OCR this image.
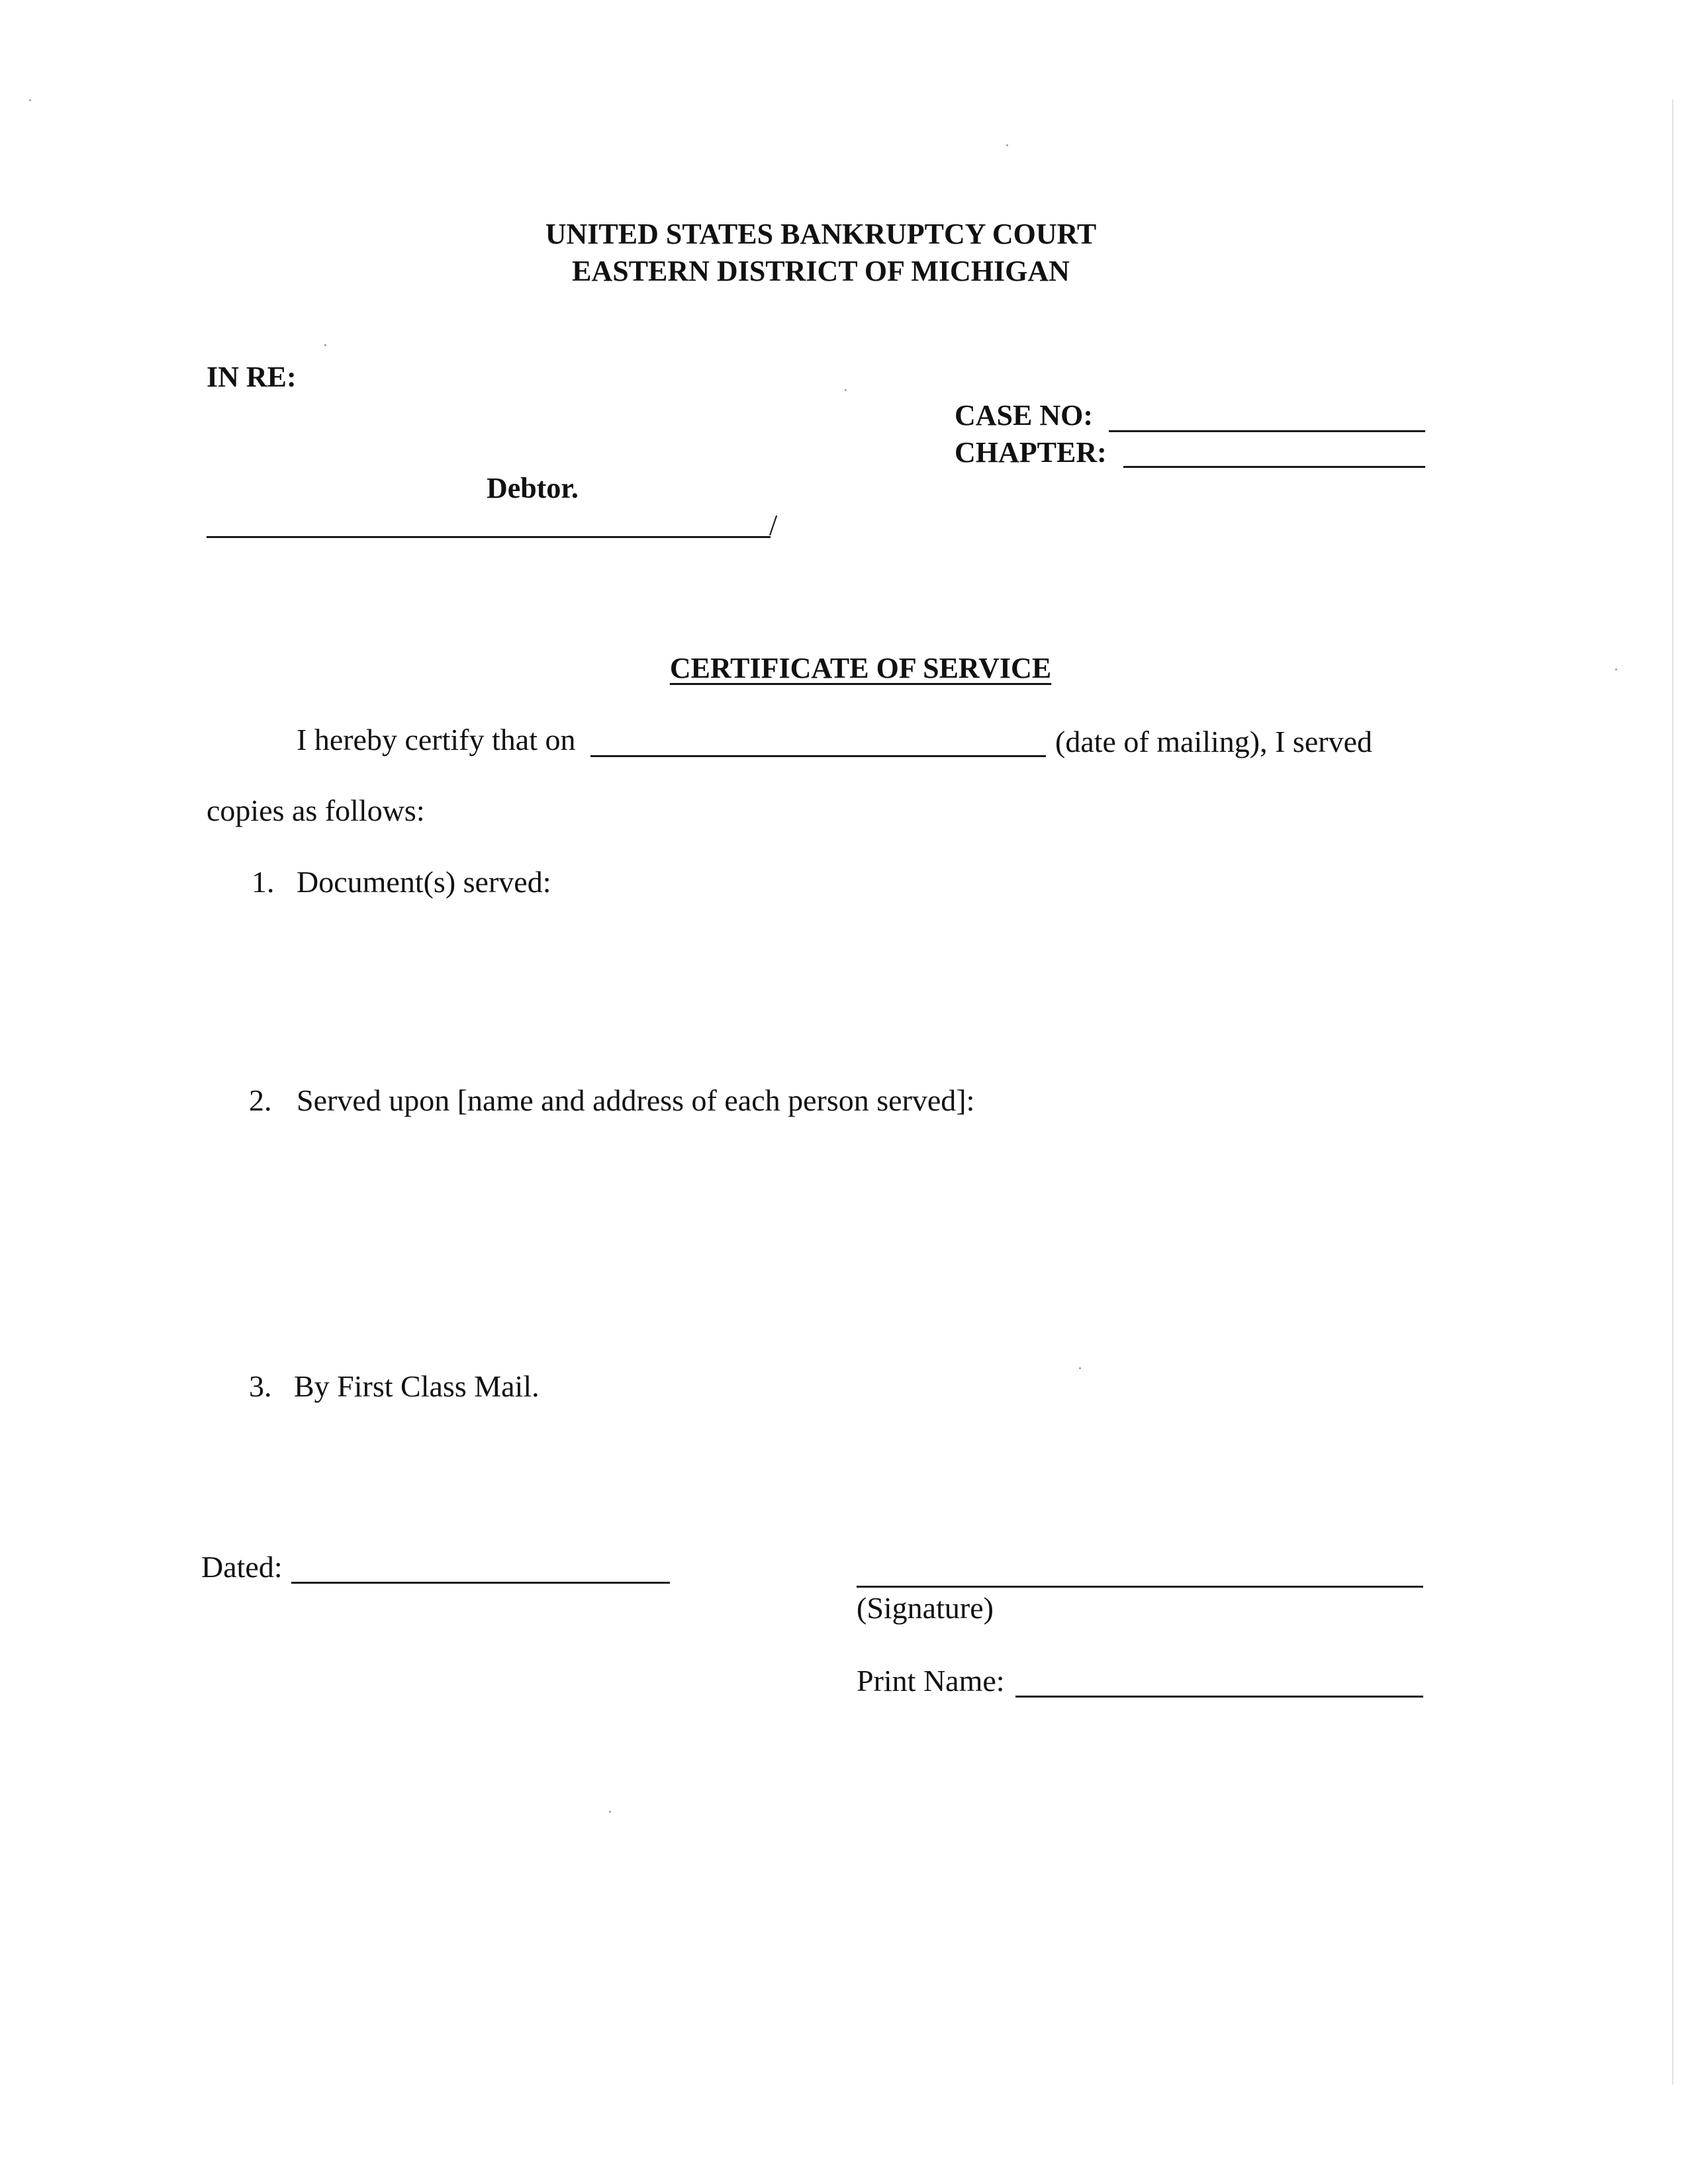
UNITED STATES BANKRUPTCY COURT
EASTERN DISTRICT OF MICHIGAN
IN RE:
CASE NO:
CHAPTER:
Debtor.
/
CERTIFICATE OF SERVICE
I hereby certify that on	(date of mailing), I served
copies as follows:
1. Document(s) served:
2. Served upon [name and address of each person served]:
3. By First Class Mail.
Dated:
(Signature)
Print Name:
